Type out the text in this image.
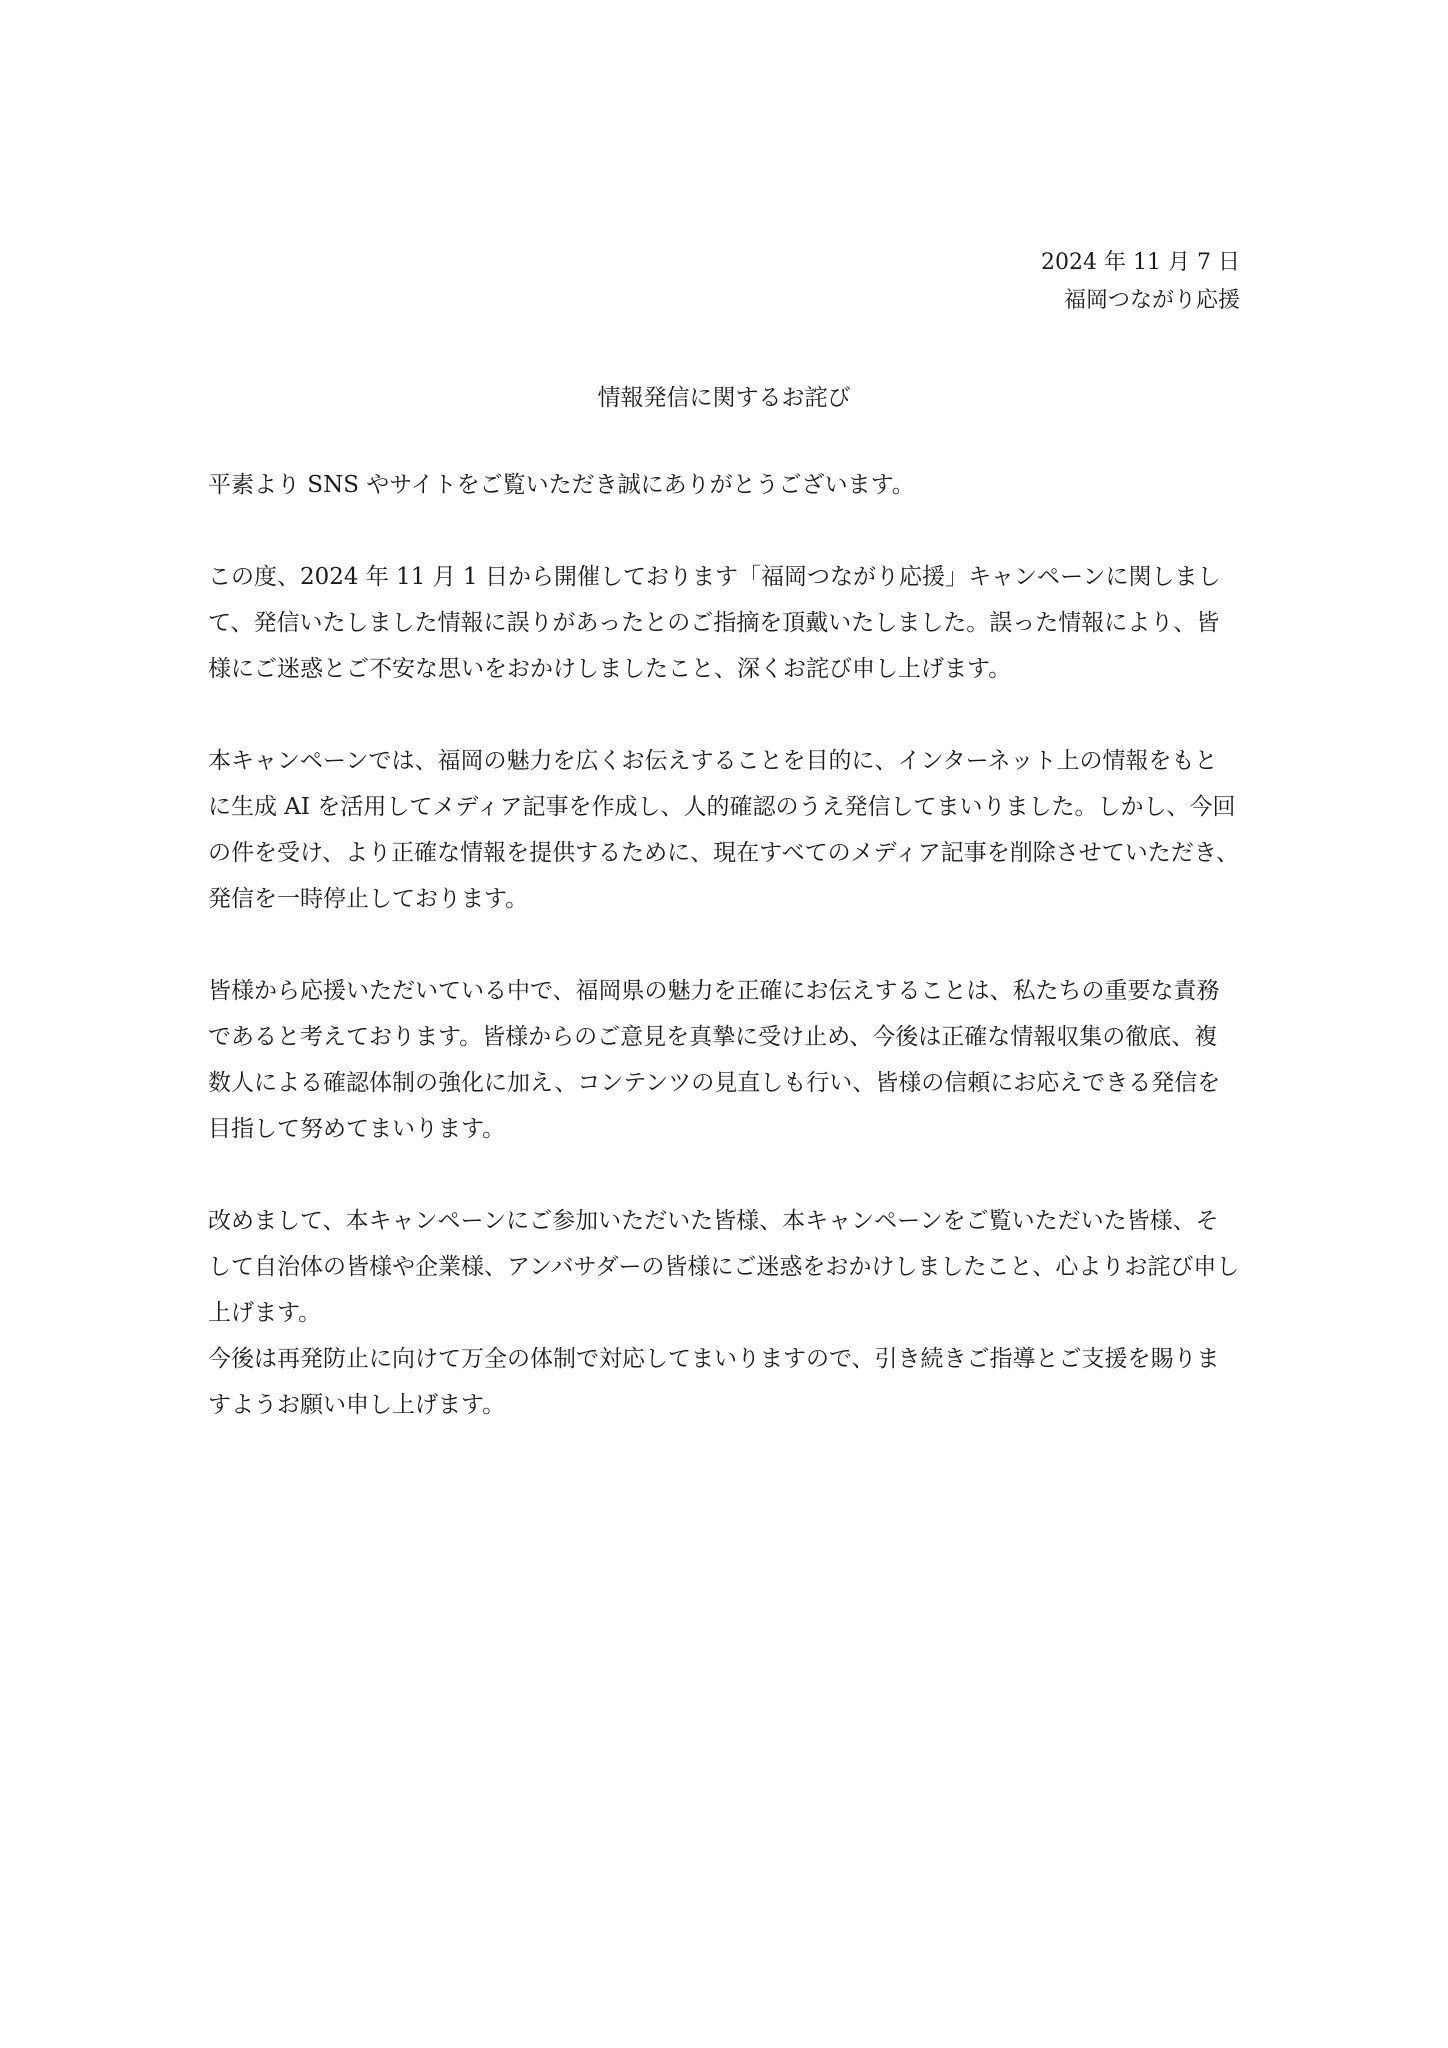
2024 年 11 月 7 日
福岡つながり応援
情報発信に関するお詫び

平素より SNS やサイトをご覧いただき誠にありがとうございます。

この度、2024 年 11 月 1 日から開催しております「福岡つながり応援」キャンペーンに関しまして、発信いたしました情報に誤りがあったとのご指摘を頂戴いたしました。誤った情報により、皆様にご迷惑とご不安な思いをおかけしましたこと、深くお詫び申し上げます。

本キャンペーンでは、福岡の魅力を広くお伝えすることを目的に、インターネット上の情報をもとに生成 AI を活用してメディア記事を作成し、人的確認のうえ発信してまいりました。しかし、今回の件を受け、より正確な情報を提供するために、現在すべてのメディア記事を削除させていただき、発信を一時停止しております。

皆様から応援いただいている中で、福岡県の魅力を正確にお伝えすることは、私たちの重要な責務であると考えております。皆様からのご意見を真摯に受け止め、今後は正確な情報収集の徹底、複数人による確認体制の強化に加え、コンテンツの見直しも行い、皆様の信頼にお応えできる発信を目指して努めてまいります。

改めまして、本キャンペーンにご参加いただいた皆様、本キャンペーンをご覧いただいた皆様、そして自治体の皆様や企業様、アンバサダーの皆様にご迷惑をおかけしましたこと、心よりお詫び申し上げます。

今後は再発防止に向けて万全の体制で対応してまいりますので、引き続きご指導とご支援を賜りますようお願い申し上げます。
